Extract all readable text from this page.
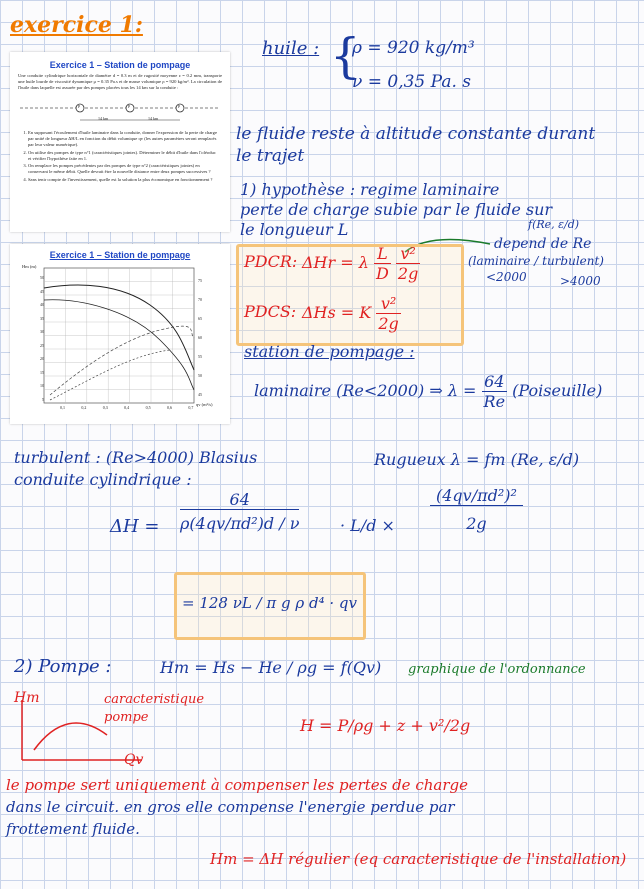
exercice 1:
Exercice 1 – Station de pompage

Une conduite cylindrique horizontale de diamètre d = 0.3 m et de rugosité moyenne ε = 0.2 mm, transporte une huile lourde de viscosité dynamique μ = 0.35 Pa.s et de masse volumique ρ = 920 kg/m³. La circulation de l'huile dans laquelle est assurée par des pompes placées tous les 14 km sur la conduite :

P	P	P
14 km	14 km
1. En supposant l'écoulement d'huile laminaire dans la conduite, donner l'expression de la perte de charge par unité de longueur ΔH/L en fonction du débit volumique qv (les autres paramètres seront remplacés par leur valeur numérique).
2. On utilise des pompes de type n°1 (caractéristiques jointes). Déterminer le débit d'huile dans l'oléoduc et vérifier l'hypothèse faite en 1.
3. On remplace les pompes précédentes par des pompes de type n°2 (caractéristiques jointes) en conservant le même débit. Quelle devrait être la nouvelle distance entre deux pompes successives ?
4. Sans tenir compte de l'investissement, quelle est la solution la plus économique en fonctionnement ?
Exercice 1 – Station de pompage
Hm (m)
qv (m³/s)
50
45
40
35
30
25
20
15
10
5
75
70
65
60
55
50
45
0,1	0,2	0,3	0,4	0,5	0,6	0,7
huile : {
ρ = 920 kg/m³
ν = 0,35 Pa. s
le fluide reste à altitude constante durant
le trajet
1) hypothèse : regime laminaire
perte de charge subie par le fluide sur
le longueur L	f(Re, ε/d)
depend de Re
(laminaire / turbulent)
<2000	>4000
PDCR: ΔHr = λ $\frac{L}{D}$
$\frac{\text{v²}}{2g}$
PDCS: ΔHs = K $\frac{\text{v²}}{2g}$
station de pompage :
laminaire (Re<2000) ⇒ $\lambda = \frac{64}{Re}$ (Poiseuille)
turbulent : (Re>4000) Blasius	Rugueux λ = fm (Re, ε/d)
conduite cylindrique :
$\Delta H = \frac{64}{\text{ρ(4qv/πd²)d / ν}}$	· $L/d \times \frac{\text{(4qv/πd²)²}}{2g}$
= 128 νL / π g ρ d⁴ · qv
2) Pompe :	Hm = Hs − He / ρg = f(Qv) graphique de l'ordonnance
Hm
Qv
caracteristique
pompe	H = P/ρg + z + v²/2g
le pompe sert uniquement à compenser les pertes de charge
dans le circuit. en gros elle compense l'energie perdue par
frottement fluide.
Hm = ΔH régulier (eq caracteristique de l'installation)
